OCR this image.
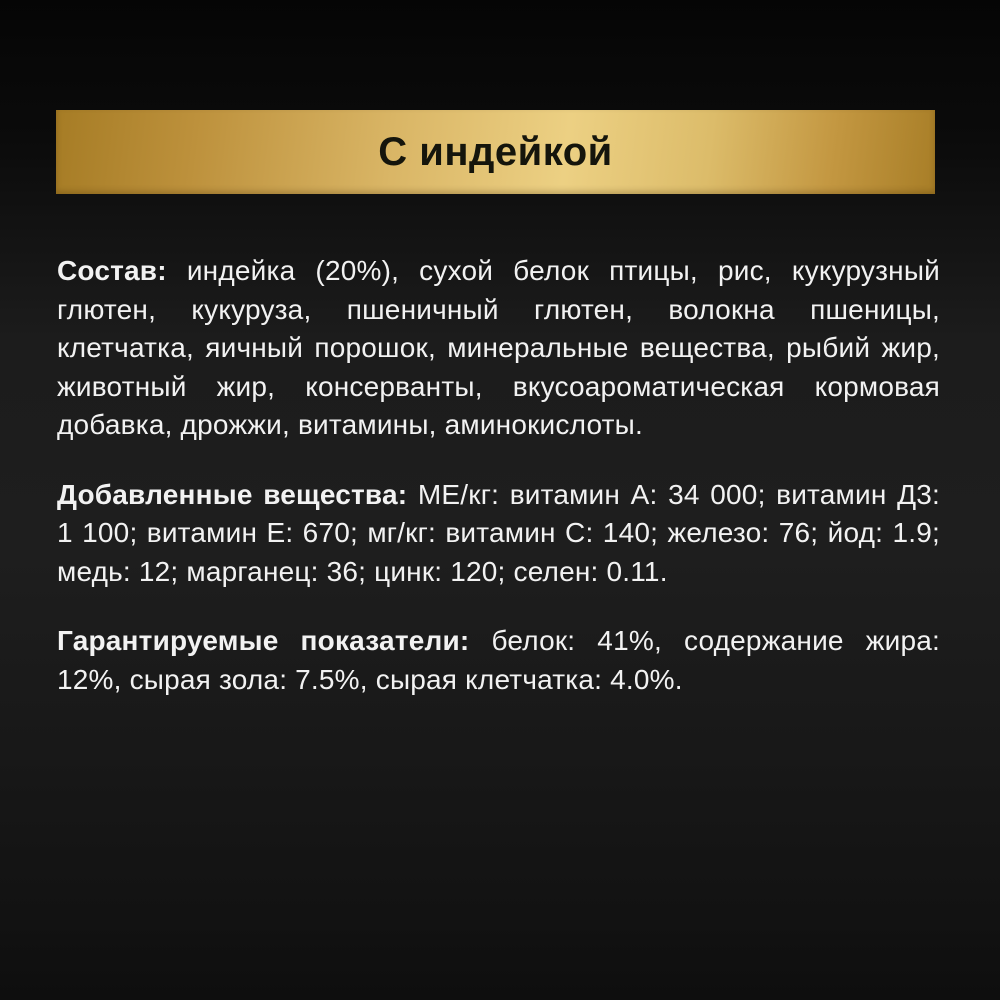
С индейкой

Состав: индейка (20%), сухой белок птицы, рис, кукурузный глютен, кукуруза, пшеничный глютен, волокна пшеницы, клетчатка, яичный порошок, минеральные вещества, рыбий жир, животный жир, консерванты, вкусоароматическая кормовая добавка, дрожжи, витамины, аминокислоты.

Добавленные вещества: МЕ/кг: витамин А: 34 000; витамин Д3: 1 100; витамин Е: 670; мг/кг: витамин С: 140; железо: 76; йод: 1.9; медь: 12; марганец: 36; цинк: 120; селен: 0.11.

Гарантируемые показатели: белок: 41%, содержание жира: 12%, сырая зола: 7.5%, сырая клетчатка: 4.0%.
